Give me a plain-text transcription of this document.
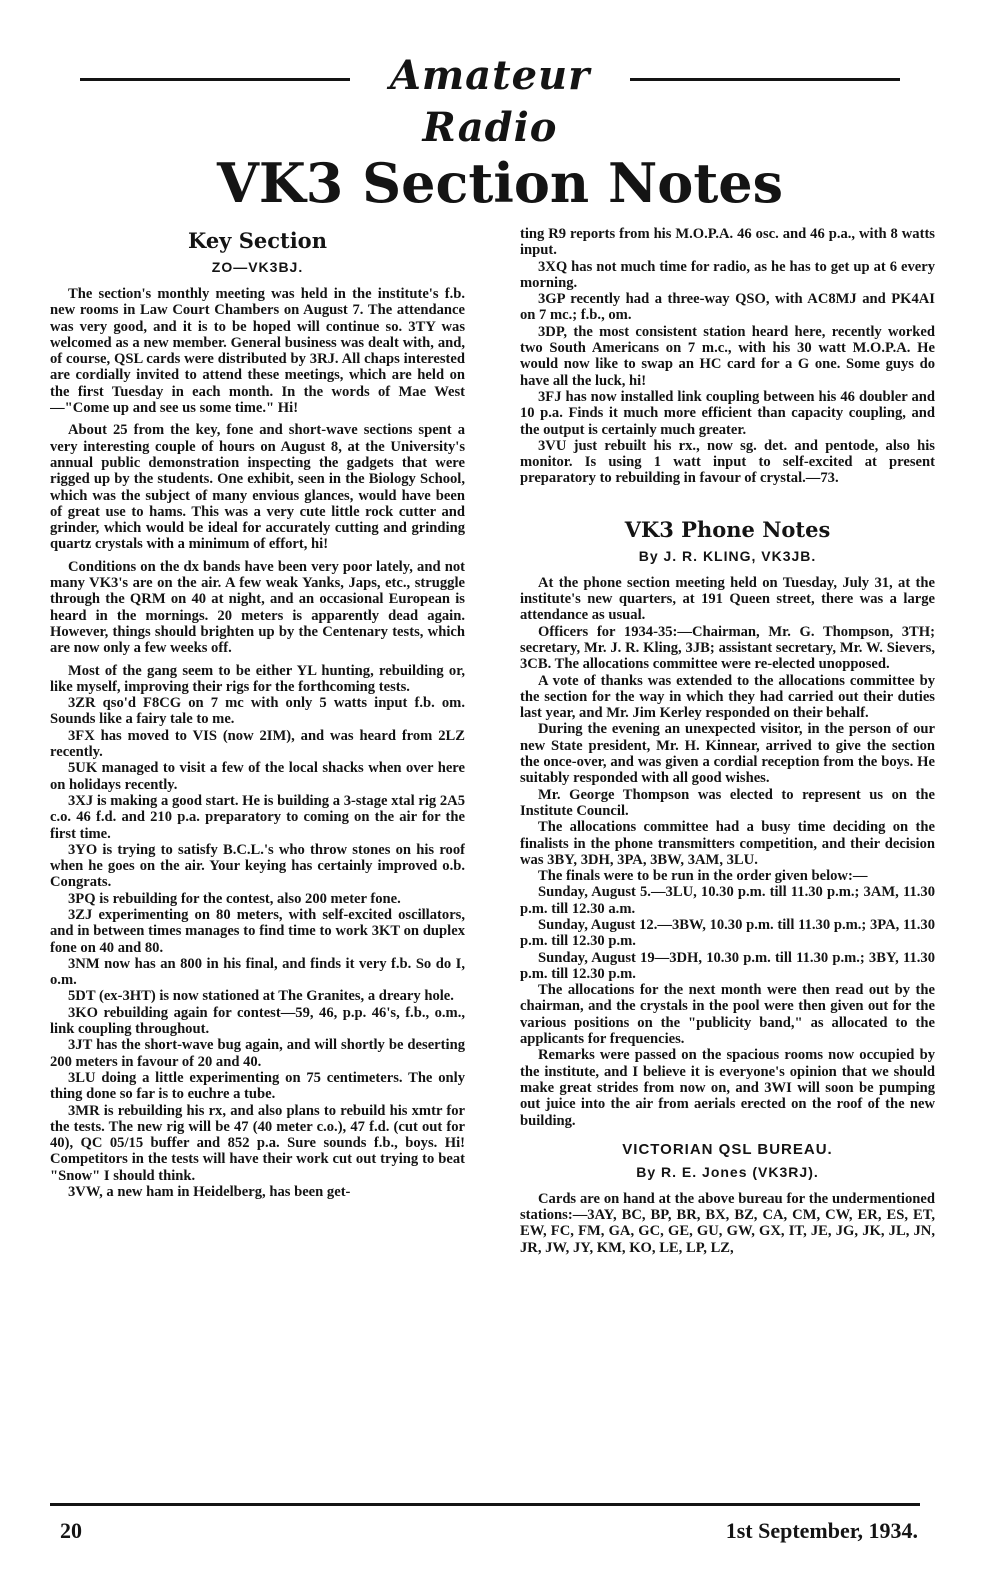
Amateur Radio
VK3 Section Notes
Key Section
ZO—VK3BJ.

The section's monthly meeting was held in the institute's f.b. new rooms in Law Court Chambers on August 7. The attendance was very good, and it is to be hoped will continue so. 3TY was welcomed as a new member. General business was dealt with, and, of course, QSL cards were distributed by 3RJ. All chaps interested are cordially invited to attend these meetings, which are held on the first Tuesday in each month. In the words of Mae West—"Come up and see us some time." Hi!

About 25 from the key, fone and short-wave sections spent a very interesting couple of hours on August 8, at the University's annual public demonstration inspecting the gadgets that were rigged up by the students. One exhibit, seen in the Biology School, which was the subject of many envious glances, would have been of great use to hams. This was a very cute little rock cutter and grinder, which would be ideal for accurately cutting and grinding quartz crystals with a minimum of effort, hi!

Conditions on the dx bands have been very poor lately, and not many VK3's are on the air. A few weak Yanks, Japs, etc., struggle through the QRM on 40 at night, and an occasional European is heard in the mornings. 20 meters is apparently dead again. However, things should brighten up by the Centenary tests, which are now only a few weeks off.

Most of the gang seem to be either YL hunting, rebuilding or, like myself, improving their rigs for the forthcoming tests.

3ZR qso'd F8CG on 7 mc with only 5 watts input f.b. om. Sounds like a fairy tale to me.

3FX has moved to VIS (now 2IM), and was heard from 2LZ recently.

5UK managed to visit a few of the local shacks when over here on holidays recently.

3XJ is making a good start. He is building a 3-stage xtal rig 2A5 c.o. 46 f.d. and 210 p.a. preparatory to coming on the air for the first time.

3YO is trying to satisfy B.C.L.'s who throw stones on his roof when he goes on the air. Your keying has certainly improved o.b. Congrats.

3PQ is rebuilding for the contest, also 200 meter fone.

3ZJ experimenting on 80 meters, with self-excited oscillators, and in between times manages to find time to work 3KT on duplex fone on 40 and 80.

3NM now has an 800 in his final, and finds it very f.b. So do I, o.m.

5DT (ex-3HT) is now stationed at The Granites, a dreary hole.

3KO rebuilding again for contest—59, 46, p.p. 46's, f.b., o.m., link coupling throughout.

3JT has the short-wave bug again, and will shortly be deserting 200 meters in favour of 20 and 40.

3LU doing a little experimenting on 75 centimeters. The only thing done so far is to euchre a tube.

3MR is rebuilding his rx, and also plans to rebuild his xmtr for the tests. The new rig will be 47 (40 meter c.o.), 47 f.d. (cut out for 40), QC 05/15 buffer and 852 p.a. Sure sounds f.b., boys. Hi! Competitors in the tests will have their work cut out trying to beat "Snow" I should think.

3VW, a new ham in Heidelberg, has been get-

ting R9 reports from his M.O.P.A. 46 osc. and 46 p.a., with 8 watts input.

3XQ has not much time for radio, as he has to get up at 6 every morning.

3GP recently had a three-way QSO, with AC8MJ and PK4AI on 7 mc.; f.b., om.

3DP, the most consistent station heard here, recently worked two South Americans on 7 m.c., with his 30 watt M.O.P.A. He would now like to swap an HC card for a G one. Some guys do have all the luck, hi!

3FJ has now installed link coupling between his 46 doubler and 10 p.a. Finds it much more efficient than capacity coupling, and the output is certainly much greater.

3VU just rebuilt his rx., now sg. det. and pentode, also his monitor. Is using 1 watt input to self-excited at present preparatory to rebuilding in favour of crystal.—73.

VK3 Phone Notes
By J. R. KLING, VK3JB.

At the phone section meeting held on Tuesday, July 31, at the institute's new quarters, at 191 Queen street, there was a large attendance as usual.

Officers for 1934-35:—Chairman, Mr. G. Thompson, 3TH; secretary, Mr. J. R. Kling, 3JB; assistant secretary, Mr. W. Sievers, 3CB. The allocations committee were re-elected unopposed.

A vote of thanks was extended to the allocations committee by the section for the way in which they had carried out their duties last year, and Mr. Jim Kerley responded on their behalf.

During the evening an unexpected visitor, in the person of our new State president, Mr. H. Kinnear, arrived to give the section the once-over, and was given a cordial reception from the boys. He suitably responded with all good wishes.

Mr. George Thompson was elected to represent us on the Institute Council.

The allocations committee had a busy time deciding on the finalists in the phone transmitters competition, and their decision was 3BY, 3DH, 3PA, 3BW, 3AM, 3LU.

The finals were to be run in the order given below:—

Sunday, August 5.—3LU, 10.30 p.m. till 11.30 p.m.; 3AM, 11.30 p.m. till 12.30 a.m.

Sunday, August 12.—3BW, 10.30 p.m. till 11.30 p.m.; 3PA, 11.30 p.m. till 12.30 p.m.

Sunday, August 19—3DH, 10.30 p.m. till 11.30 p.m.; 3BY, 11.30 p.m. till 12.30 p.m.

The allocations for the next month were then read out by the chairman, and the crystals in the pool were then given out for the various positions on the "publicity band," as allocated to the applicants for frequencies.

Remarks were passed on the spacious rooms now occupied by the institute, and I believe it is everyone's opinion that we should make great strides from now on, and 3WI will soon be pumping out juice into the air from aerials erected on the roof of the new building.

VICTORIAN QSL BUREAU.
By R. E. Jones (VK3RJ).

Cards are on hand at the above bureau for the undermentioned stations:—3AY, BC, BP, BR, BX, BZ, CA, CM, CW, ER, ES, ET, EW, FC, FM, GA, GC, GE, GU, GW, GX, IT, JE, JG, JK, JL, JN, JR, JW, JY, KM, KO, LE, LP, LZ,

20	1st September, 1934.
